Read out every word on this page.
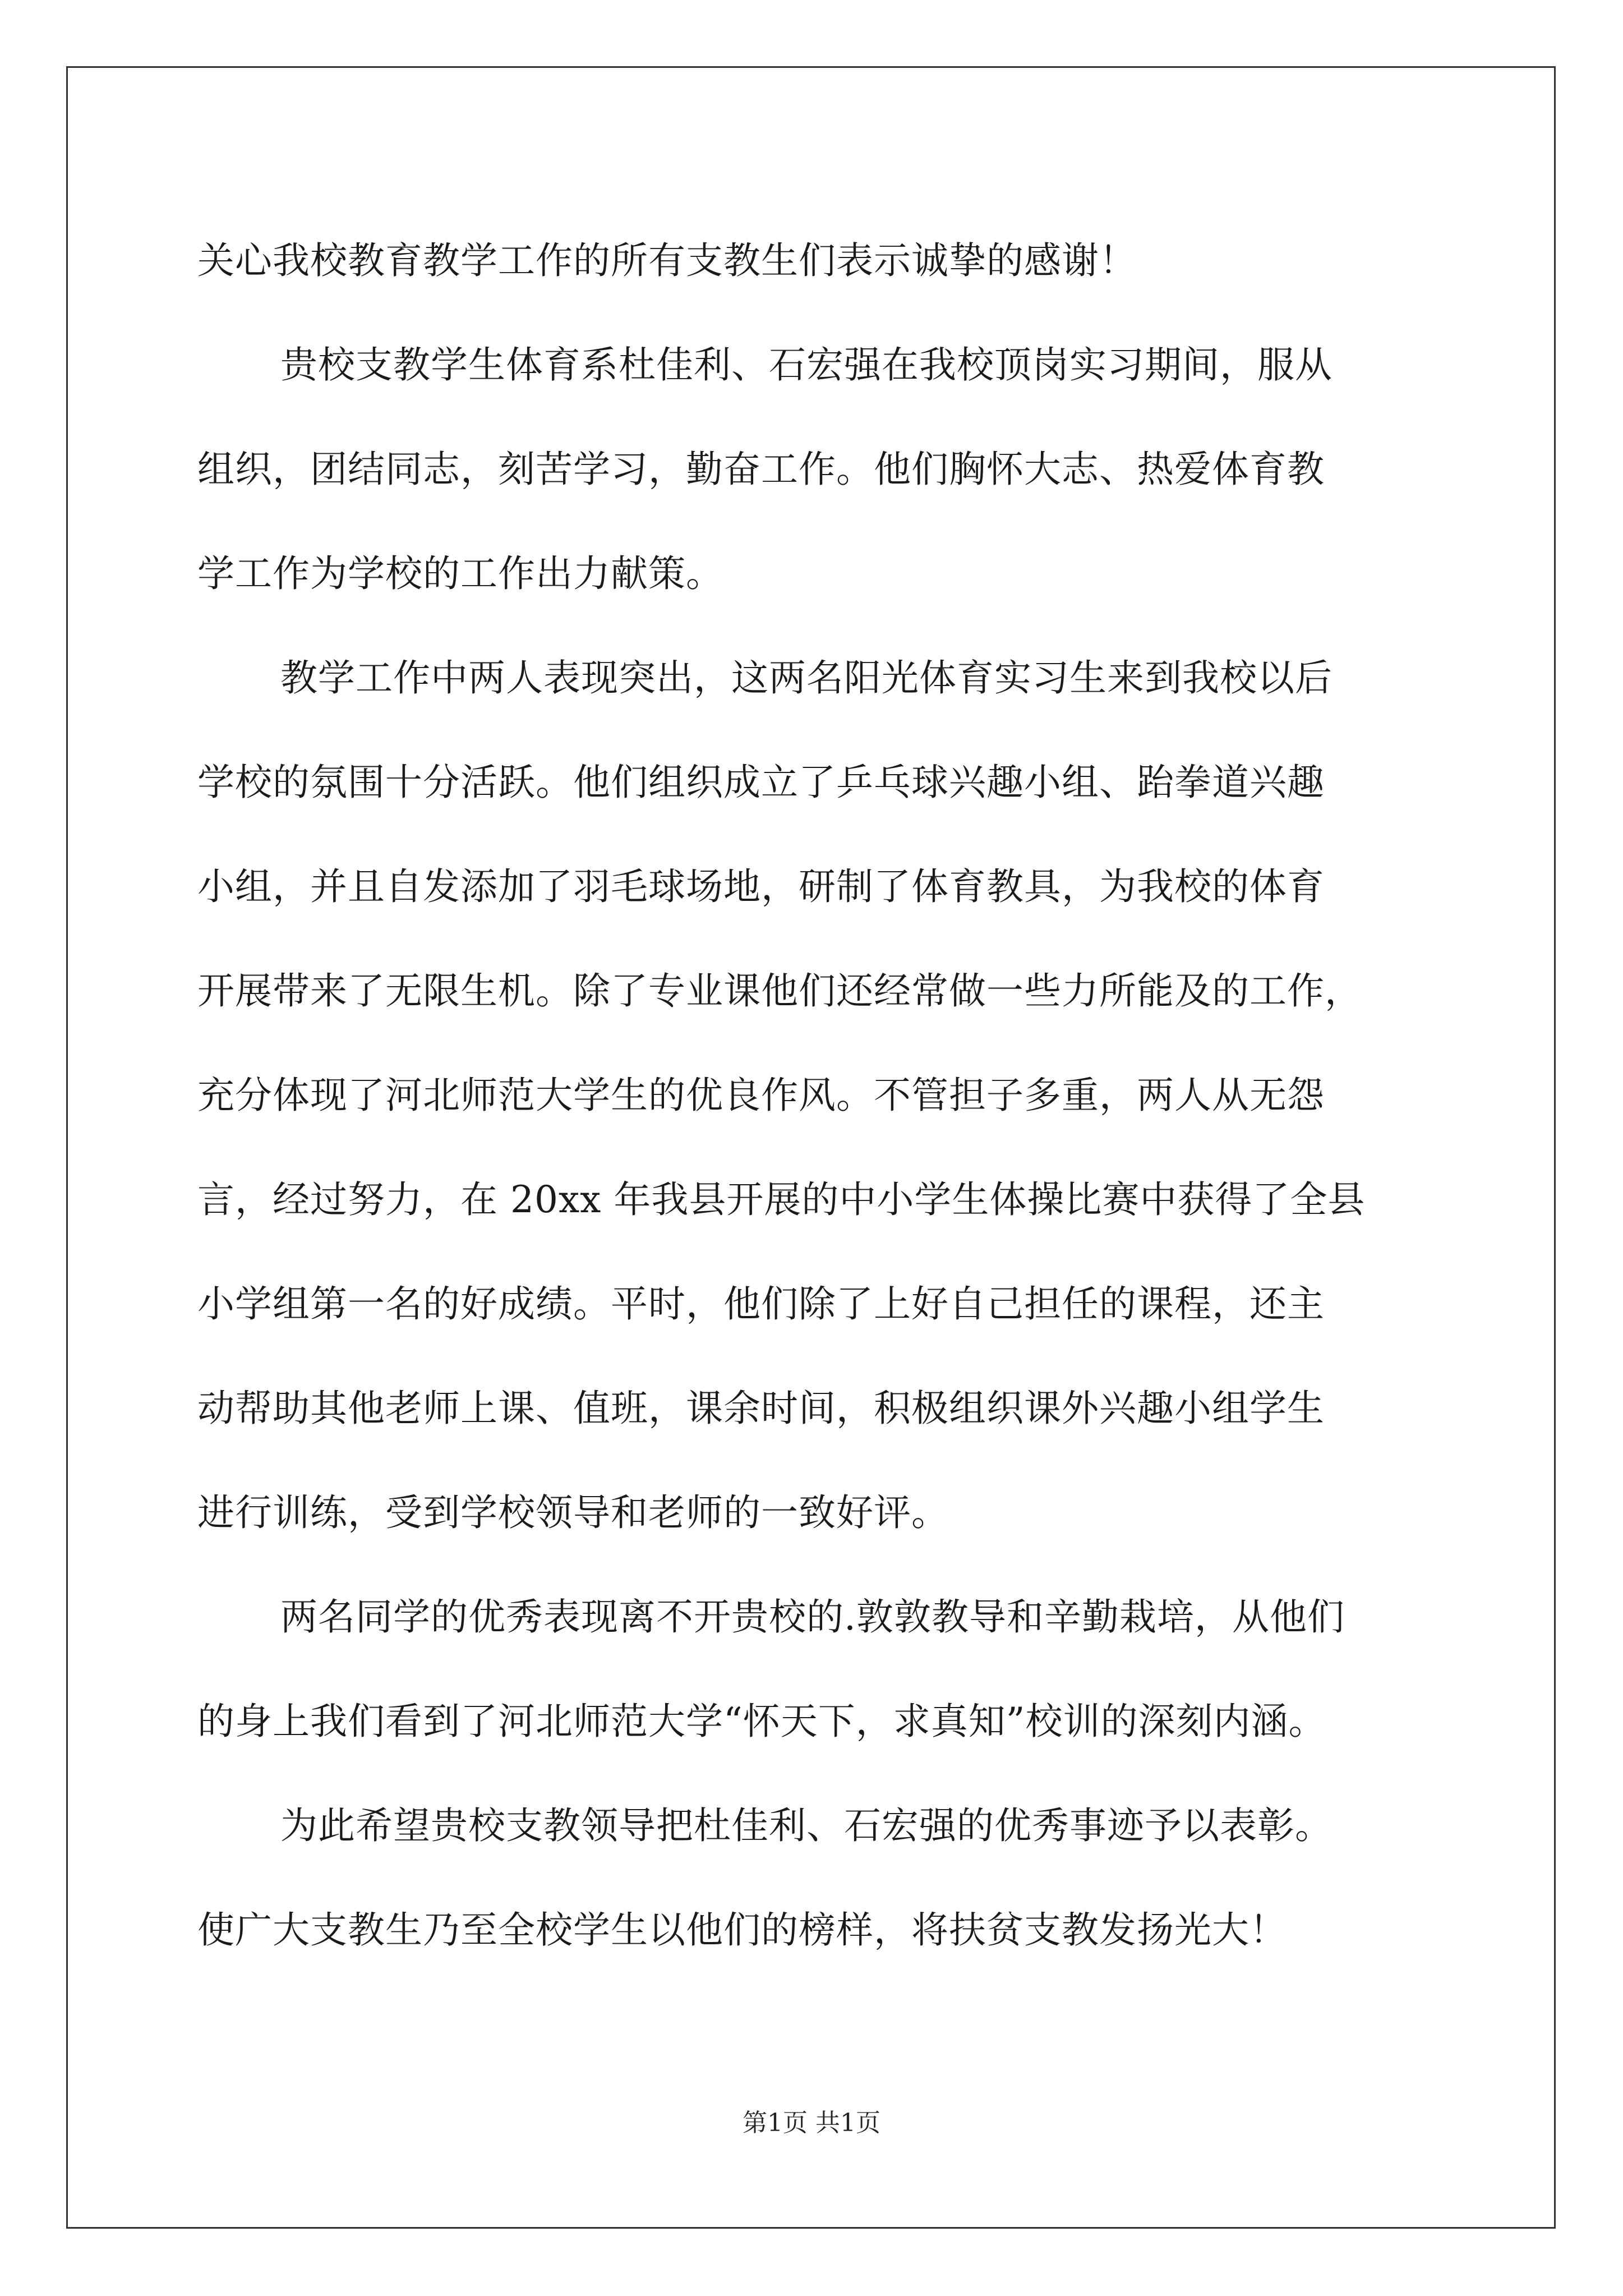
关心我校教育教学工作的所有支教生们表示诚挚的感谢！
贵校支教学生体育系杜佳利、石宏强在我校顶岗实习期间，服从
组织，团结同志，刻苦学习，勤奋工作。他们胸怀大志、热爱体育教
学工作为学校的工作出力献策。
教学工作中两人表现突出，这两名阳光体育实习生来到我校以后
学校的氛围十分活跃。他们组织成立了乒乓球兴趣小组、跆拳道兴趣
小组，并且自发添加了羽毛球场地，研制了体育教具，为我校的体育
开展带来了无限生机。除了专业课他们还经常做一些力所能及的工作，
充分体现了河北师范大学生的优良作风。不管担子多重，两人从无怨
言，经过努力，在 20xx 年我县开展的中小学生体操比赛中获得了全县
小学组第一名的好成绩。平时，他们除了上好自己担任的课程，还主
动帮助其他老师上课、值班，课余时间，积极组织课外兴趣小组学生
进行训练，受到学校领导和老师的一致好评。
两名同学的优秀表现离不开贵校的.敦敦教导和辛勤栽培，从他们
的身上我们看到了河北师范大学“怀天下，求真知”校训的深刻内涵。
为此希望贵校支教领导把杜佳利、石宏强的优秀事迹予以表彰。
使广大支教生乃至全校学生以他们的榜样，将扶贫支教发扬光大！
第1页 共1页
